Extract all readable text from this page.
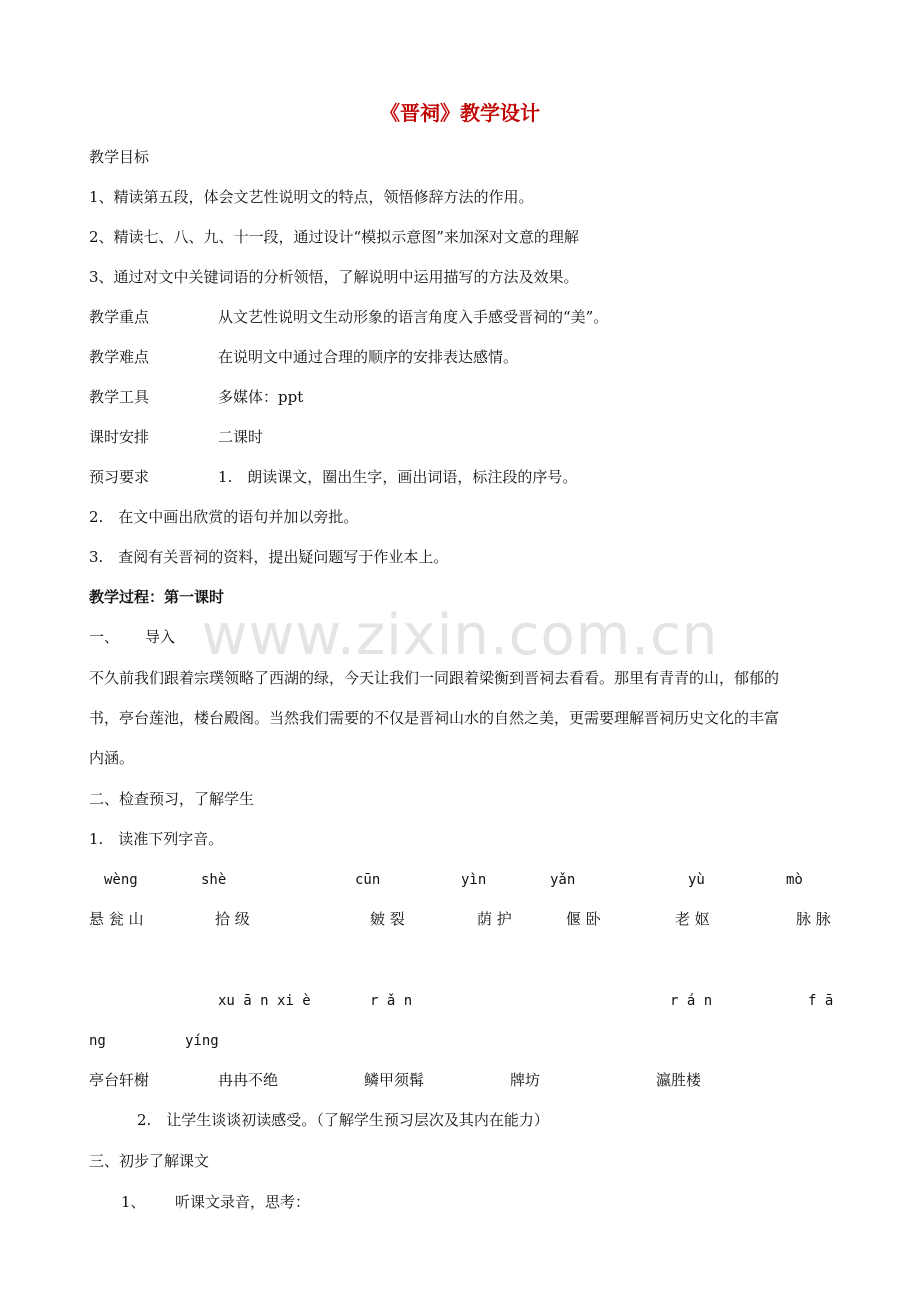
www.zixin.com.cn
《晋祠》教学设计
教学目标
1、精读第五段，体会文艺性说明文的特点，领悟修辞方法的作用。
2、精读七、八、九、十一段，通过设计“模拟示意图”来加深对文意的理解
3、通过对文中关键词语的分析领悟，了解说明中运用描写的方法及效果。
教学重点	从文艺性说明文生动形象的语言角度入手感受晋祠的“美”。
教学难点	在说明文中通过合理的顺序的安排表达感情。
教学工具	多媒体：ppt
课时安排	二课时
预习要求	1.　朗读课文，圈出生字，画出词语，标注段的序号。
2.　在文中画出欣赏的语句并加以旁批。
3.　查阅有关晋祠的资料，提出疑问题写于作业本上。
教学过程：第一课时
一、 导入
不久前我们跟着宗璞领略了西湖的绿，今天让我们一同跟着梁衡到晋祠去看看。那里有青青的山，郁郁的
书，亭台莲池，楼台殿阁。当然我们需要的不仅是晋祠山水的自然之美，更需要理解晋祠历史文化的丰富
内涵。
二、检查预习，了解学生
1.　读准下列字音。
wèng	shè	cūn	yìn	yǎn	yù	mò
悬 瓮 山	拾 级	皴 裂	荫 护	偃 卧	老 妪	脉 脉
xu ā n xi è	r ǎ n	r á n	f ā
ng	yíng
亭台轩榭	冉冉不绝	鳞甲须髯	牌坊	瀛胜楼
2.　让学生谈谈初读感受。（了解学生预习层次及其内在能力）
三、初步了解课文
1、 听课文录音，思考：
